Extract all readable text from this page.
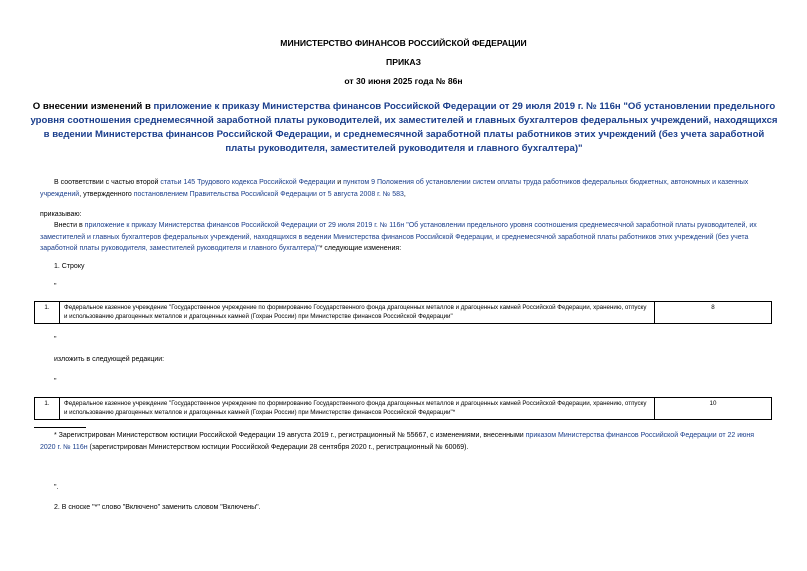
МИНИСТЕРСТВО ФИНАНСОВ РОССИЙСКОЙ ФЕДЕРАЦИИ
ПРИКАЗ
от 30 июня 2025 года № 86н
О внесении изменений в приложение к приказу Министерства финансов Российской Федерации от 29 июля 2019 г. № 116н "Об установлении предельного уровня соотношения среднемесячной заработной платы руководителей, их заместителей и главных бухгалтеров федеральных учреждений, находящихся в ведении Министерства финансов Российской Федерации, и среднемесячной заработной платы работников этих учреждений (без учета заработной платы руководителя, заместителей руководителя и главного бухгалтера)"
В соответствии с частью второй статьи 145 Трудового кодекса Российской Федерации и пунктом 9 Положения об установлении систем оплаты труда работников федеральных бюджетных, автономных и казенных учреждений, утвержденного постановлением Правительства Российской Федерации от 5 августа 2008 г. № 583,
приказываю:
Внести в приложение к приказу Министерства финансов Российской Федерации от 29 июля 2019 г. № 116н "Об установлении предельного уровня соотношения среднемесячной заработной платы руководителей, их заместителей и главных бухгалтеров федеральных учреждений, находящихся в ведении Министерства финансов Российской Федерации, и среднемесячной заработной платы работников этих учреждений (без учета заработной платы руководителя, заместителей руководителя и главного бухгалтера)"* следующие изменения:
1. Строку
"
1.	Федеральное казенное учреждение "Государственное учреждение по формированию Государственного фонда драгоценных металлов и драгоценных камней Российской Федерации, хранению, отпуску и использованию драгоценных металлов и драгоценных камней (Гохран России) при Министерстве финансов Российской Федерации"	8
"
изложить в следующей редакции:
"
1.	Федеральное казенное учреждение "Государственное учреждение по формированию Государственного фонда драгоценных металлов и драгоценных камней Российской Федерации, хранению, отпуску и использованию драгоценных металлов и драгоценных камней (Гохран России) при Министерстве финансов Российской Федерации"*	10
* Зарегистрирован Министерством юстиции Российской Федерации 19 августа 2019 г., регистрационный № 55667, с изменениями, внесенными приказом Министерства финансов Российской Федерации от 22 июня 2020 г. № 116н (зарегистрирован Министерством юстиции Российской Федерации 28 сентября 2020 г., регистрационный № 60069).
".
2. В сноске "*" слово "Включено" заменить словом "Включены".
